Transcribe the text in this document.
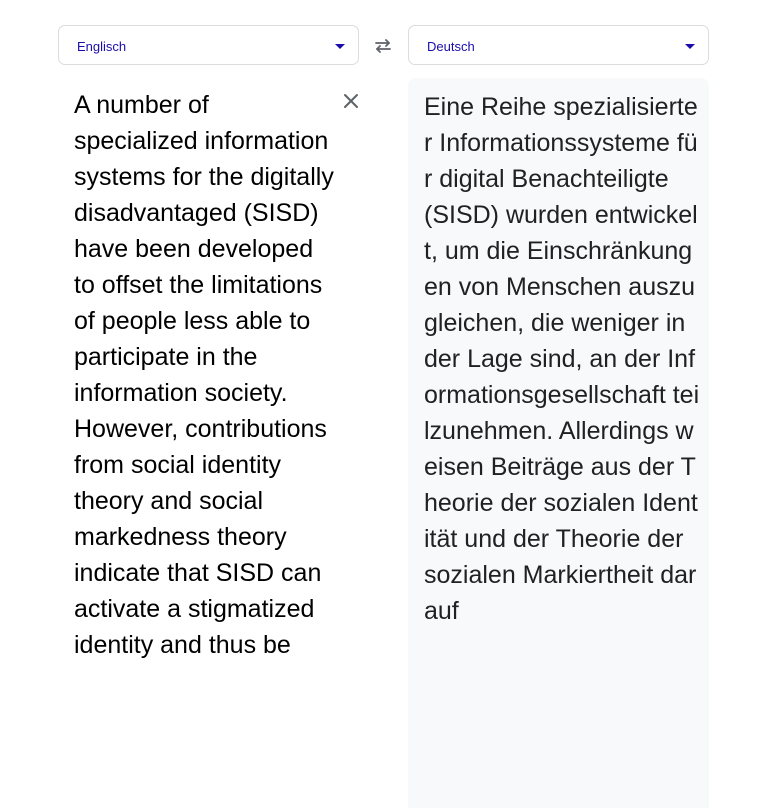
Englisch	Deutsch

A number of specialized information systems for the digitally disadvantaged (SISD) have been developed to offset the limitations of people less able to participate in the information society. However, contributions from social identity theory and social markedness theory indicate that SISD can activate a stigmatized identity and thus be

Eine Reihe spezialisierter Informationssysteme für digital Benachteiligte (SISD) wurden entwickelt, um die Einschränkungen von Menschen auszugleichen, die weniger in der Lage sind, an der Informationsgesellschaft teilzunehmen. Allerdings weisen Beiträge aus der Theorie der sozialen Identität und der Theorie der sozialen Markiertheit darauf
